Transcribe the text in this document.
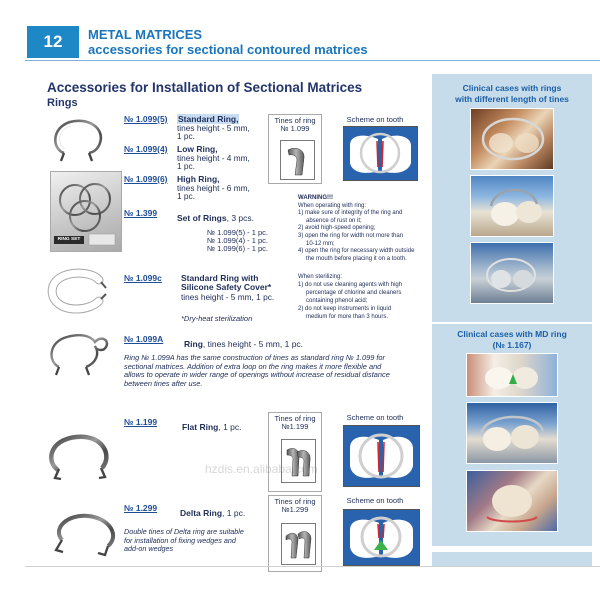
12	METAL MATRICES
accessories for sectional contoured matrices
Accessories for Installation of Sectional Matrices
Rings
№ 1.099(5) Standard Ring,
tines height - 5 mm,
1 pc.
№ 1.099(4) Low Ring,
tines height - 4 mm,
1 pc.
RING SET
№ 1.099(6) High Ring,
tines height - 6 mm,
1 pc.
№ 1.399 Set of Rings, 3 pcs.
№ 1.099(5) - 1 pc.
№ 1.099(4) - 1 pc.
№ 1.099(6) - 1 pc.
Tines of ring
№ 1.099
Scheme on tooth
WARNING!!!
When operating with ring:
1) make sure of integrity of the ring and
absence of rust on it;
2) avoid high-speed opening;
3) open the ring for width not more than
10-12 mm;
4) open the ring for necessary width outside
the mouth before placing it on a tooth.
When sterilizing:
1) do not use cleaning agents with high
percentage of chlorine and cleaners
containing phenol acid;
2) do not keep instruments in liquid
medium for more than 3 hours.
№ 1.099c Standard Ring with
Silicone Safety Cover*
tines height - 5 mm, 1 pc.
*Dry-heat sterilization
№ 1.099A Ring, tines height - 5 mm, 1 pc.
Ring № 1.099A has the same construction of tines as standard ring № 1.099 for
sectional matrices. Addition of extra loop on the ring makes it more flexible and
allows to operate in wider range of openings without increase of residual distance
between tines after use.
№ 1.199	Flat Ring, 1 pc.
Tines of ring
№1.199
Scheme on tooth
№ 1.299	Delta Ring, 1 pc.
Double tines of Delta ring are suitable
for installation of fixing wedges and
add-on wedges
Tines of ring
№1.299
Scheme on tooth
hzdis.en.alibaba.com
Clinical cases with rings
with different length of tines
Clinical cases with MD ring
(№ 1.167)
